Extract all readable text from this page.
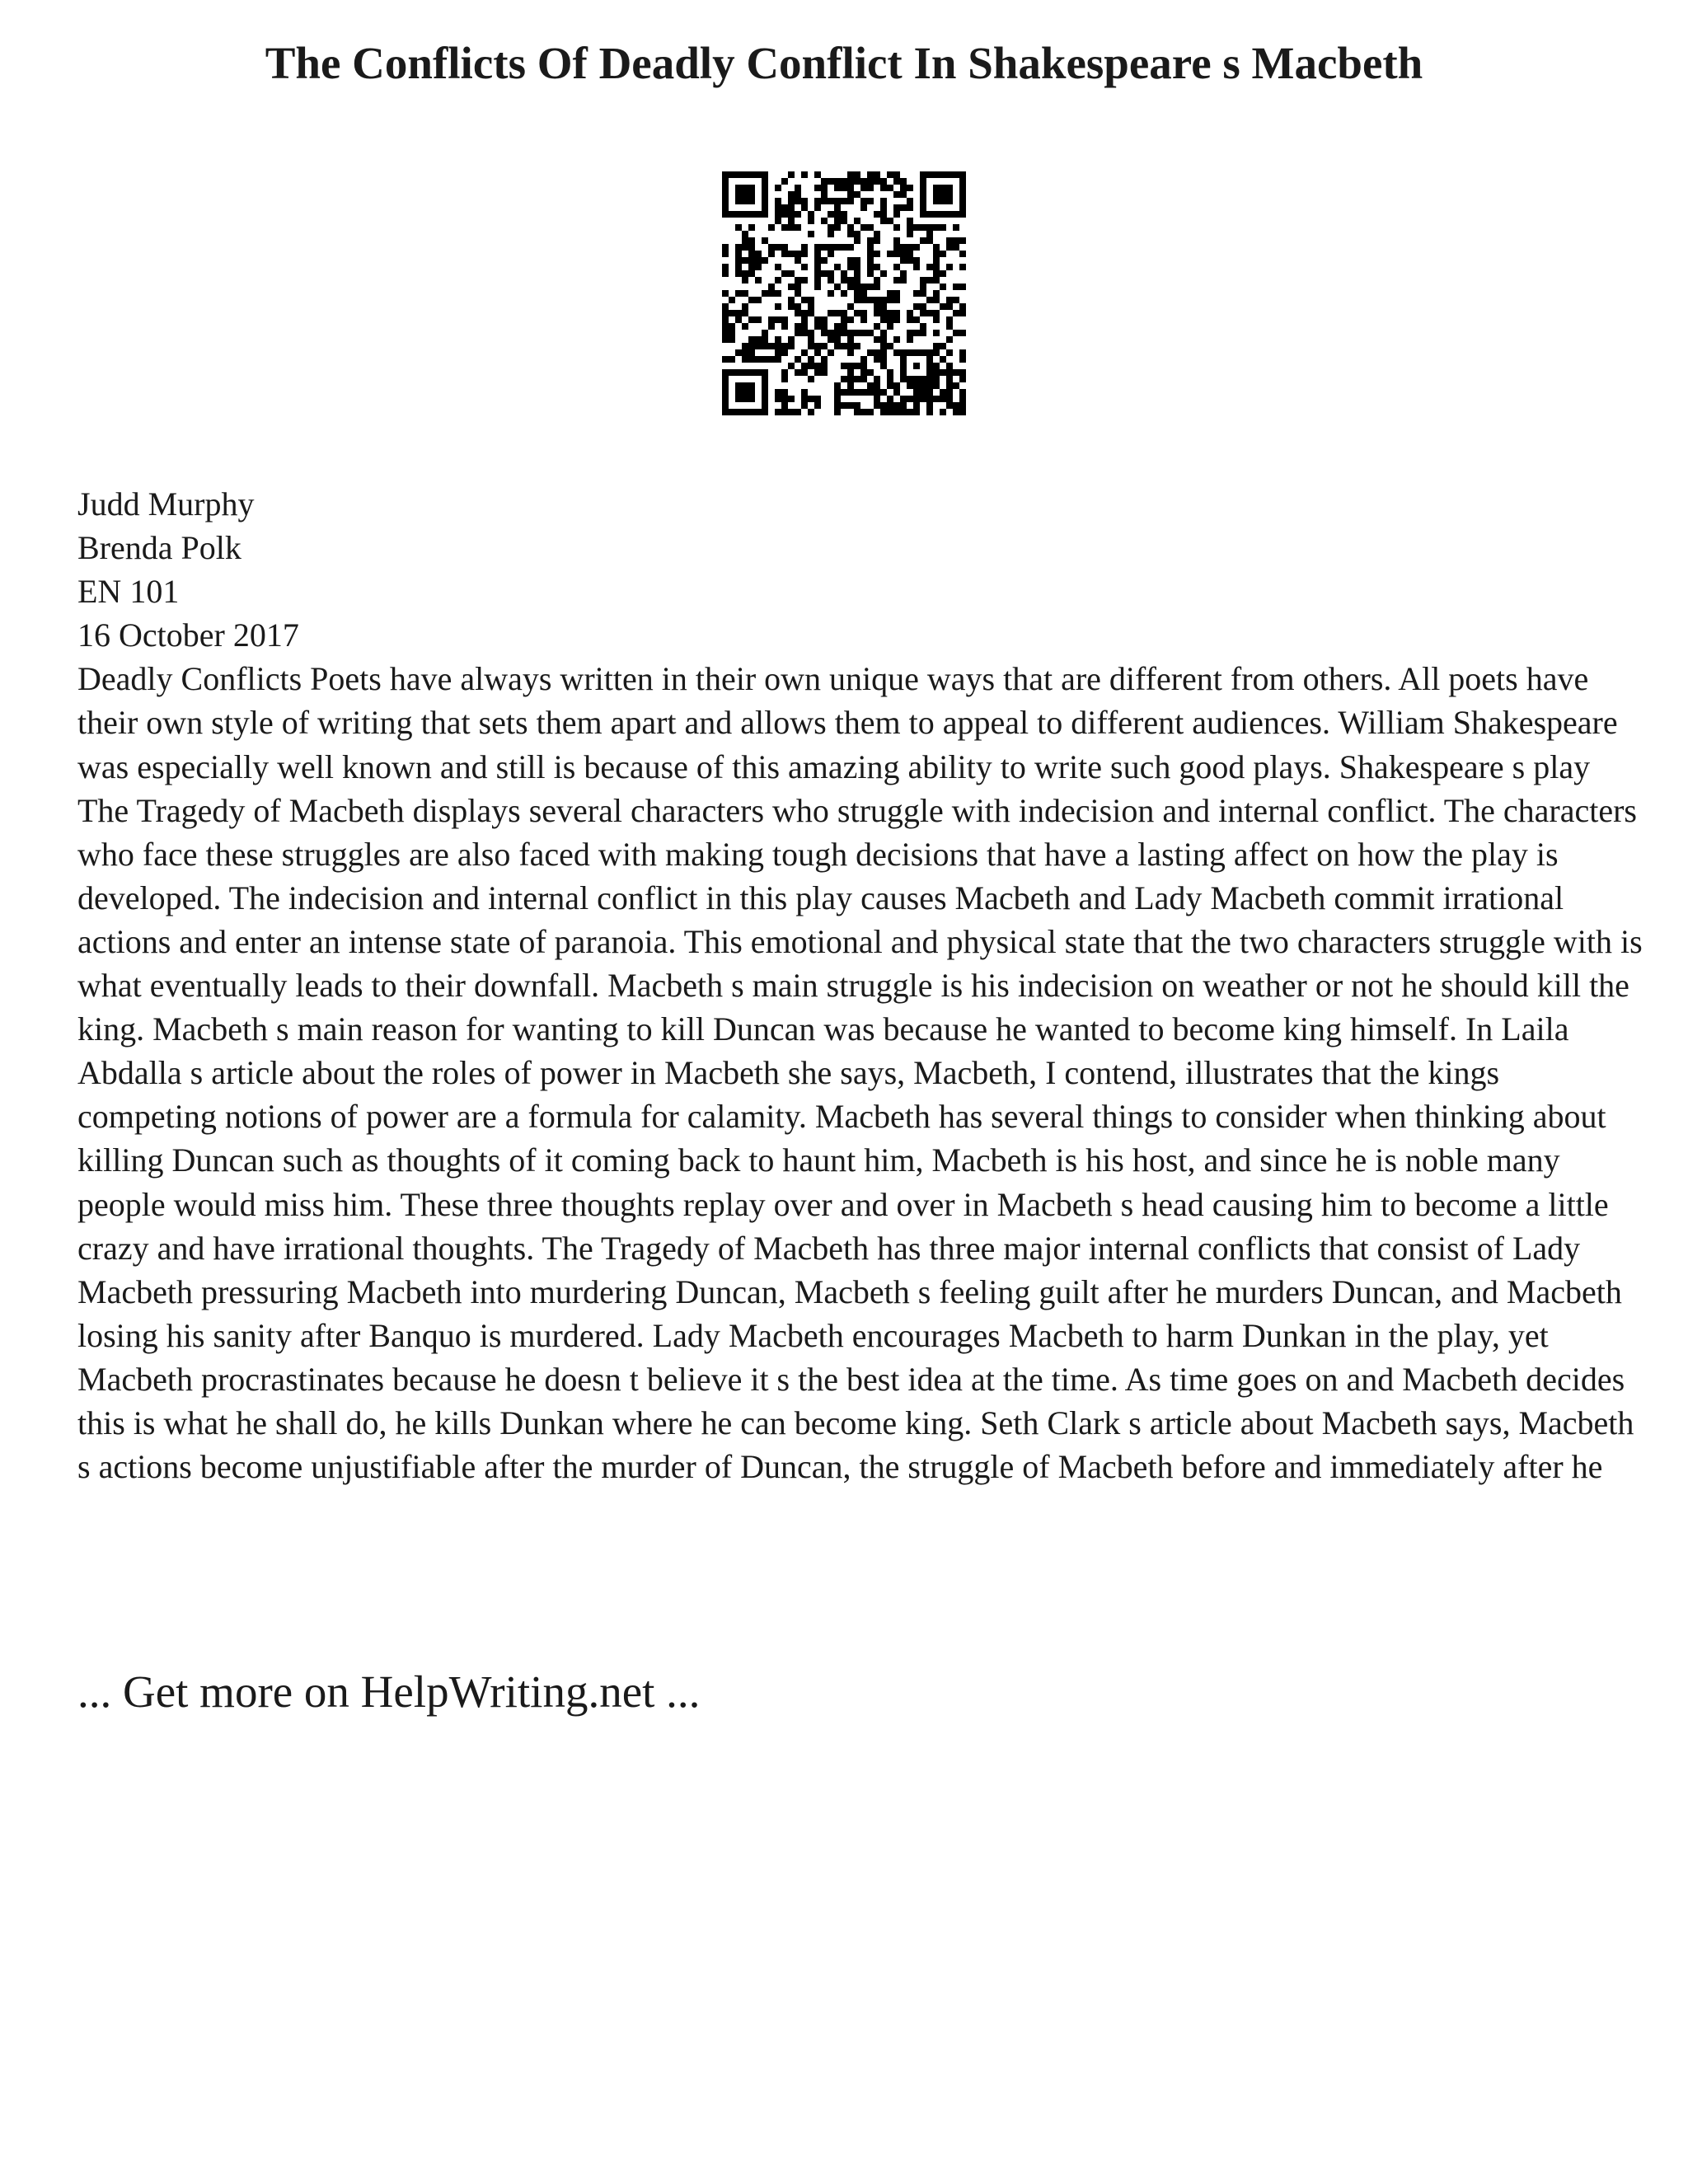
The Conflicts Of Deadly Conflict In Shakespeare s Macbeth
Judd Murphy
Brenda Polk
EN 101
16 October 2017
Deadly Conflicts Poets have always written in their own unique ways that are different from others. All poets have their own style of writing that sets them apart and allows them to appeal to different audiences. William Shakespeare was especially well known and still is because of this amazing ability to write such good plays. Shakespeare s play The Tragedy of Macbeth displays several characters who struggle with indecision and internal conflict. The characters who face these struggles are also faced with making tough decisions that have a lasting affect on how the play is developed. The indecision and internal conflict in this play causes Macbeth and Lady Macbeth commit irrational actions and enter an intense state of paranoia. This emotional and physical state that the two characters struggle with is what eventually leads to their downfall. Macbeth s main struggle is his indecision on weather or not he should kill the king. Macbeth s main reason for wanting to kill Duncan was because he wanted to become king himself. In Laila Abdalla s article about the roles of power in Macbeth she says, Macbeth, I contend, illustrates that the kings competing notions of power are a formula for calamity. Macbeth has several things to consider when thinking about killing Duncan such as thoughts of it coming back to haunt him, Macbeth is his host, and since he is noble many people would miss him. These three thoughts replay over and over in Macbeth s head causing him to become a little crazy and have irrational thoughts. The Tragedy of Macbeth has three major internal conflicts that consist of Lady Macbeth pressuring Macbeth into murdering Duncan, Macbeth s feeling guilt after he murders Duncan, and Macbeth losing his sanity after Banquo is murdered. Lady Macbeth encourages Macbeth to harm Dunkan in the play, yet Macbeth procrastinates because he doesn t believe it s the best idea at the time. As time goes on and Macbeth decides this is what he shall do, he kills Dunkan where he can become king. Seth Clark s article about Macbeth says, Macbeth s actions become unjustifiable after the murder of Duncan, the struggle of Macbeth before and immediately after he
... Get more on HelpWriting.net ...
